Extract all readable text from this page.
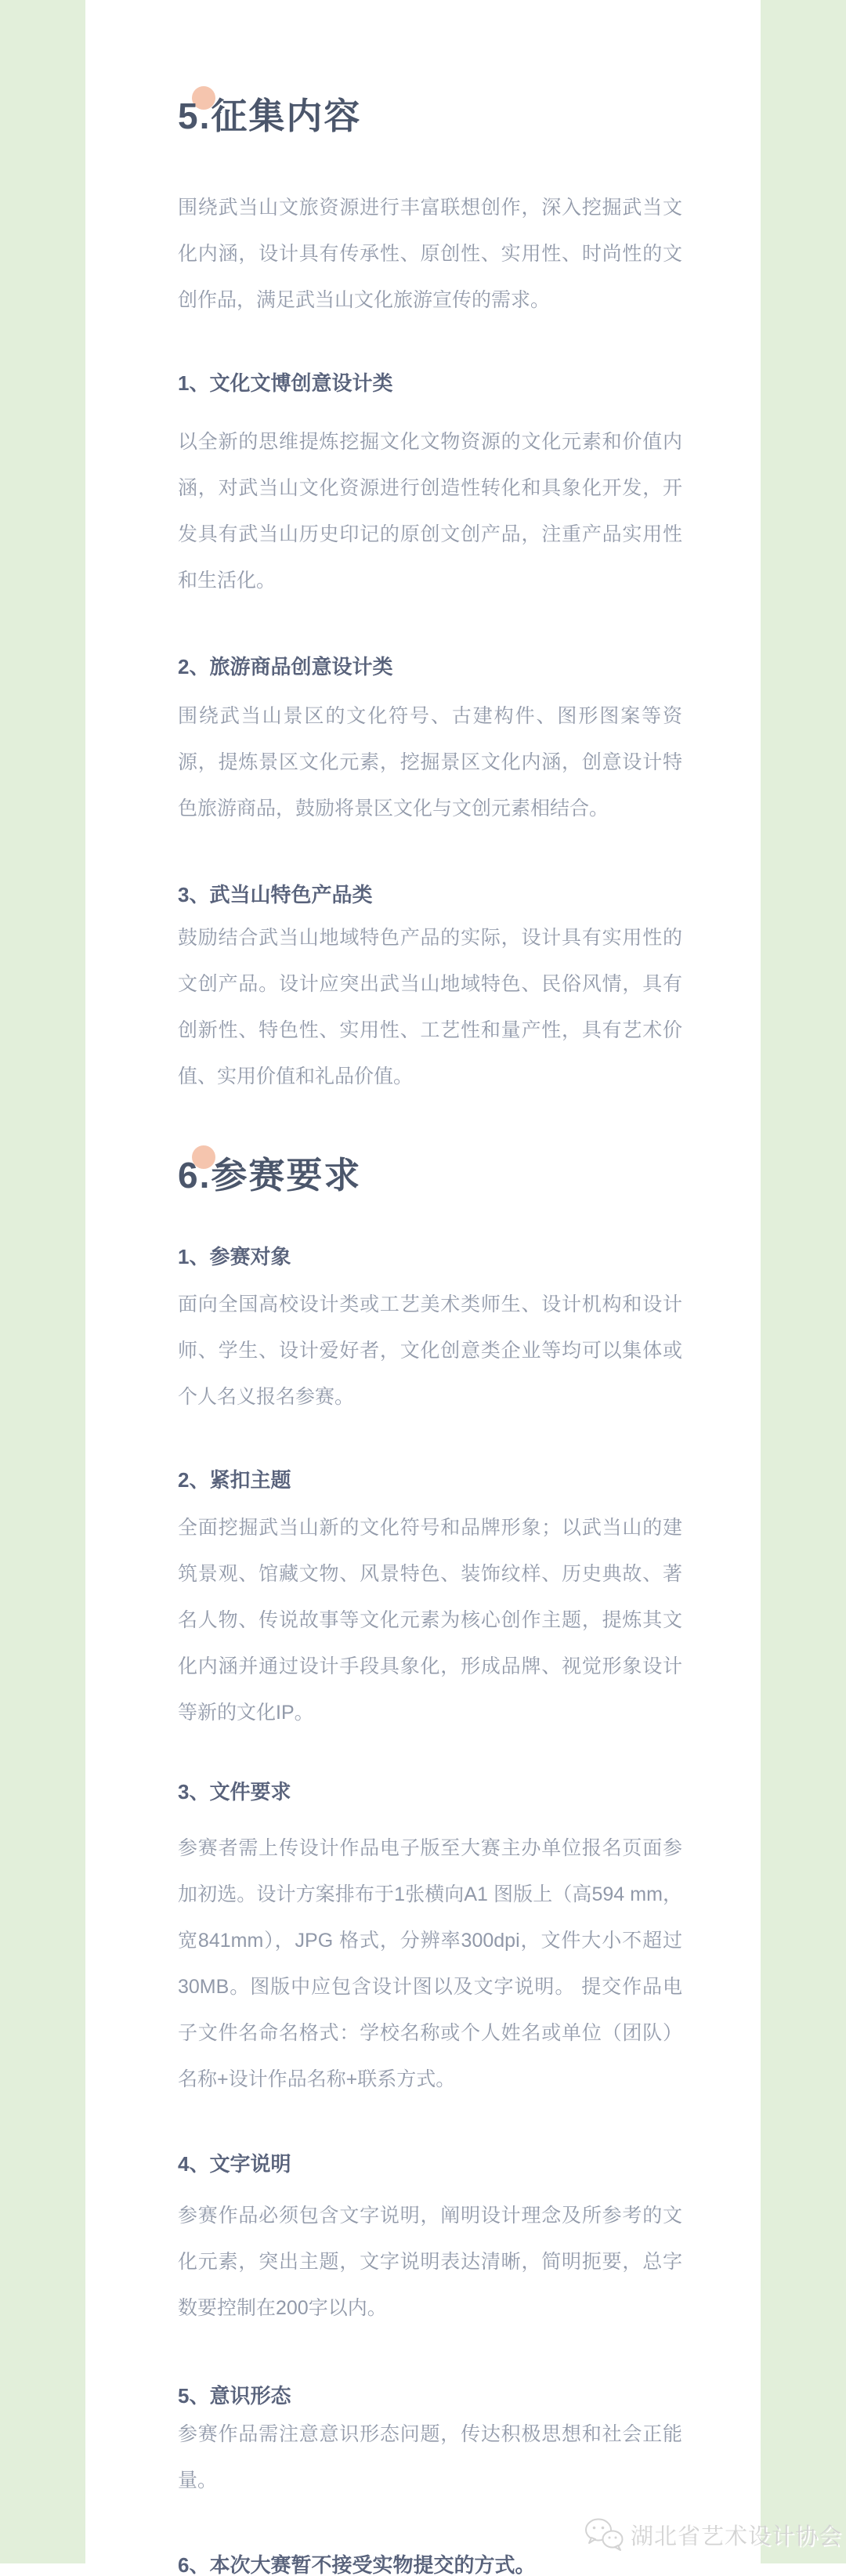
5.征集内容

围绕武当山文旅资源进行丰富联想创作，深入挖掘武当文化内涵，设计具有传承性、原创性、实用性、时尚性的文创作品，满足武当山文化旅游宣传的需求。

1、文化文博创意设计类

以全新的思维提炼挖掘文化文物资源的文化元素和价值内涵，对武当山文化资源进行创造性转化和具象化开发，开发具有武当山历史印记的原创文创产品，注重产品实用性和生活化。

2、旅游商品创意设计类

围绕武当山景区的文化符号、古建构件、图形图案等资源，提炼景区文化元素，挖掘景区文化内涵，创意设计特色旅游商品，鼓励将景区文化与文创元素相结合。

3、武当山特色产品类

鼓励结合武当山地域特色产品的实际，设计具有实用性的文创产品。设计应突出武当山地域特色、民俗风情，具有创新性、特色性、实用性、工艺性和量产性，具有艺术价值、实用价值和礼品价值。

6.参赛要求
1、参赛对象

面向全国高校设计类或工艺美术类师生、设计机构和设计师、学生、设计爱好者，文化创意类企业等均可以集体或个人名义报名参赛。

2、紧扣主题

全面挖掘武当山新的文化符号和品牌形象；以武当山的建筑景观、馆藏文物、风景特色、装饰纹样、历史典故、著名人物、传说故事等文化元素为核心创作主题，提炼其文化内涵并通过设计手段具象化，形成品牌、视觉形象设计等新的文化IP。

3、文件要求

参赛者需上传设计作品电子版至大赛主办单位报名页面参加初选。设计方案排布于1张横向A1 图版上（高594 mm，宽841mm），JPG 格式，分辨率300dpi，文件大小不超过30MB。图版中应包含设计图以及文字说明。 提交作品电子文件名命名格式：学校名称或个人姓名或单位（团队）名称+设计作品名称+联系方式。

4、文字说明

参赛作品必须包含文字说明，阐明设计理念及所参考的文化元素，突出主题，文字说明表达清晰，简明扼要，总字数要控制在200字以内。

5、意识形态

参赛作品需注意意识形态问题，传达积极思想和社会正能量。

6、本次大赛暂不接受实物提交的方式。
湖北省艺术设计协会
